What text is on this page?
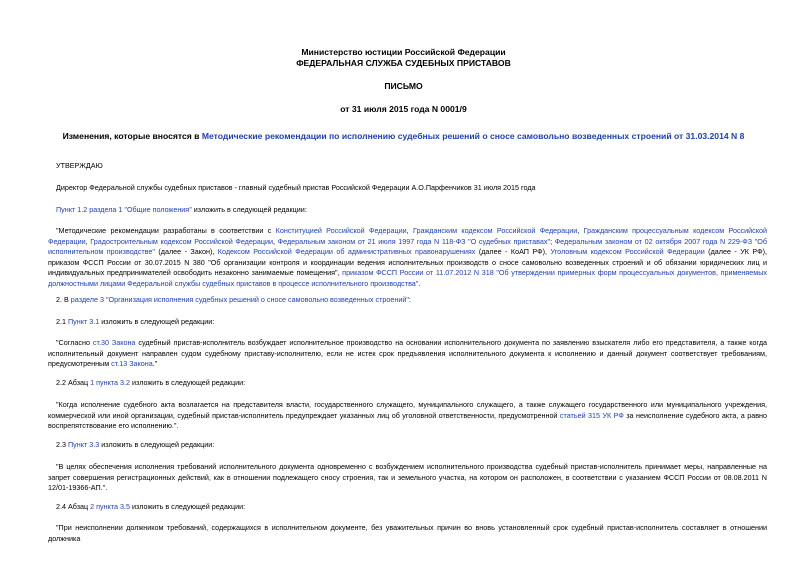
Министерство юстиции Российской Федерации
ФЕДЕРАЛЬНАЯ СЛУЖБА СУДЕБНЫХ ПРИСТАВОВ
ПИСЬМО
от 31 июля 2015 года N 0001/9
Изменения, которые вносятся в Методические рекомендации по исполнению судебных решений о сносе самовольно возведенных строений от 31.03.2014 N 8
УТВЕРЖДАЮ
Директор Федеральной службы судебных приставов - главный судебный пристав Российской Федерации А.О.Парфенчиков 31 июля 2015 года
Пункт 1.2 раздела 1 "Общие положения" изложить в следующей редакции:
"Методические рекомендации разработаны в соответствии с Конституцией Российской Федерации, Гражданским кодексом Российской Федерации, Гражданским процессуальным кодексом Российской Федерации, Градостроительным кодексом Российской Федерации, Федеральным законом от 21 июля 1997 года N 118-ФЗ "О судебных приставах"; Федеральным законом от 02 октября 2007 года N 229-ФЗ "Об исполнительном производстве" (далее - Закон), Кодексом Российской Федерации об административных правонарушениях (далее - КоАП РФ), Уголовным кодексом Российской Федерации (далее - УК РФ), приказом ФССП России от 30.07.2015 N 380 "Об организации контроля и координации ведения исполнительных производств о сносе самовольно возведенных строений и об обязании юридических лиц и индивидуальных предпринимателей освободить незаконно занимаемые помещения", приказом ФССП России от 11.07.2012 N 318 "Об утверждении примерных форм процессуальных документов, применяемых должностными лицами Федеральной службы судебных приставов в процессе исполнительного производства".
2. В разделе 3 "Организация исполнения судебных решений о сносе самовольно возведенных строений":
2.1 Пункт 3.1 изложить в следующей редакции:
"Согласно ст.30 Закона судебный пристав-исполнитель возбуждает исполнительное производство на основании исполнительного документа по заявлению взыскателя либо его представителя, а также когда исполнительный документ направлен судом судебному приставу-исполнителю, если не истек срок предъявления исполнительного документа к исполнению и данный документ соответствует требованиям, предусмотренным ст.13 Закона."
2.2 Абзац 1 пункта 3.2 изложить в следующей редакции:
"Когда исполнение судебного акта возлагается на представителя власти, государственного служащего, муниципального служащего, а также служащего государственного или муниципального учреждения, коммерческой или иной организации, судебный пристав-исполнитель предупреждает указанных лиц об уголовной ответственности, предусмотренной статьей 315 УК РФ за неисполнение судебного акта, а равно воспрепятствование его исполнению.".
2.3 Пункт 3.3 изложить в следующей редакции:
"В целях обеспечения исполнения требований исполнительного документа одновременно с возбуждением исполнительного производства судебный пристав-исполнитель принимает меры, направленные на запрет совершения регистрационных действий, как в отношении подлежащего сносу строения, так и земельного участка, на котором он расположен, в соответствии с указанием ФССП России от 08.08.2011 N 12/01-19366-АП.".
2.4 Абзац 2 пункта 3.5 изложить в следующей редакции:
"При неисполнении должником требований, содержащихся в исполнительном документе, без уважительных причин во вновь установленный срок судебный пристав-исполнитель составляет в отношении должника
